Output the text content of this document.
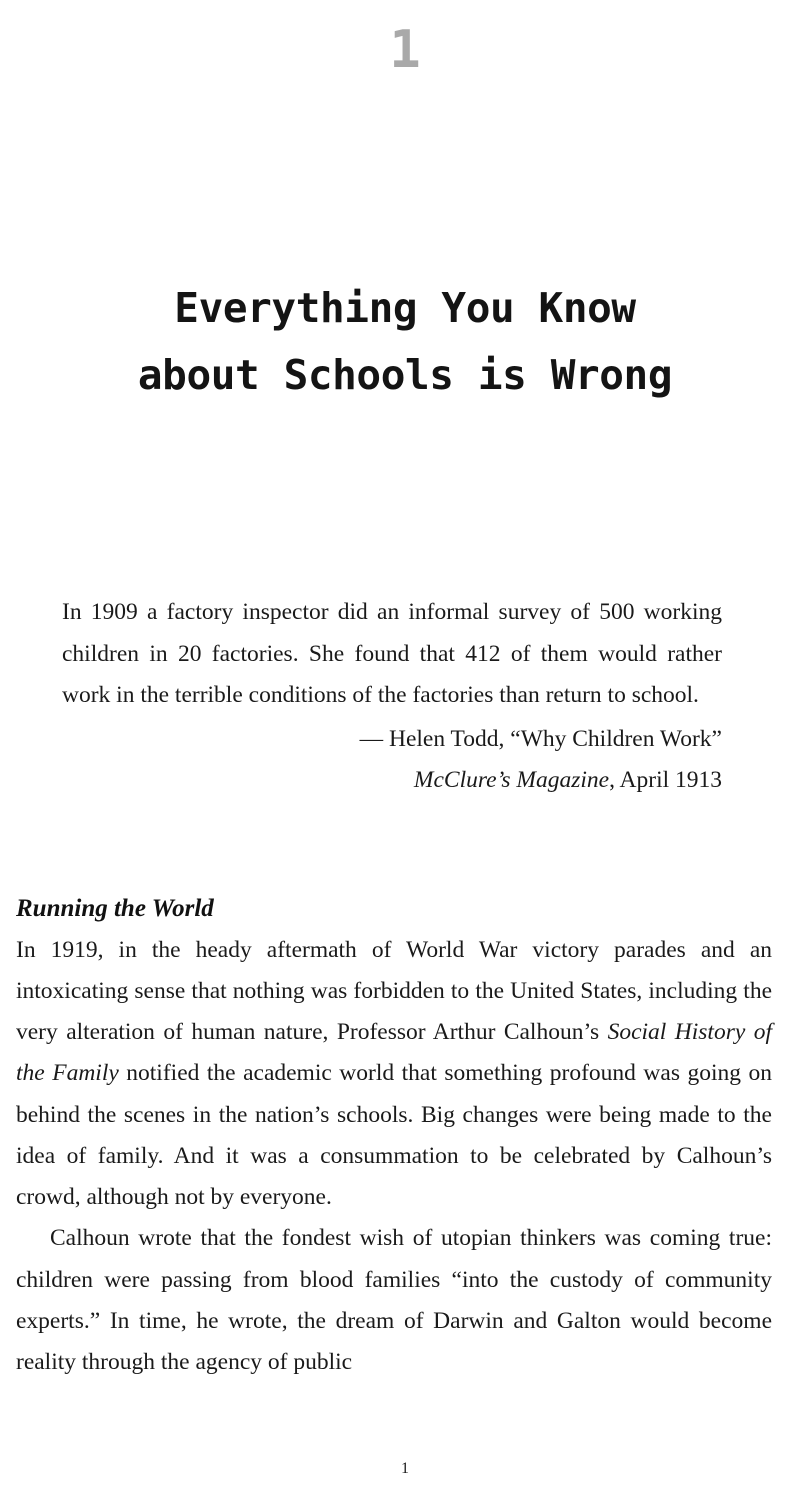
1
Everything You Know
about Schools is Wrong

In 1909 a factory inspector did an informal survey of 500 working children in 20 factories. She found that 412 of them would rather work in the terrible conditions of the factories than return to school.

— Helen Todd, “Why Children Work”
McClure’s Magazine, April 1913
Running the World

In 1919, in the heady aftermath of World War victory parades and an intoxicating sense that nothing was forbidden to the United States, including the very alteration of human nature, Professor Arthur Calhoun’s Social History of the Family notified the academic world that something profound was going on behind the scenes in the nation’s schools. Big changes were being made to the idea of family. And it was a consummation to be celebrated by Calhoun’s crowd, although not by everyone.

Calhoun wrote that the fondest wish of utopian thinkers was coming true: children were passing from blood families “into the custody of community experts.” In time, he wrote, the dream of Darwin and Galton would become reality through the agency of public

1
